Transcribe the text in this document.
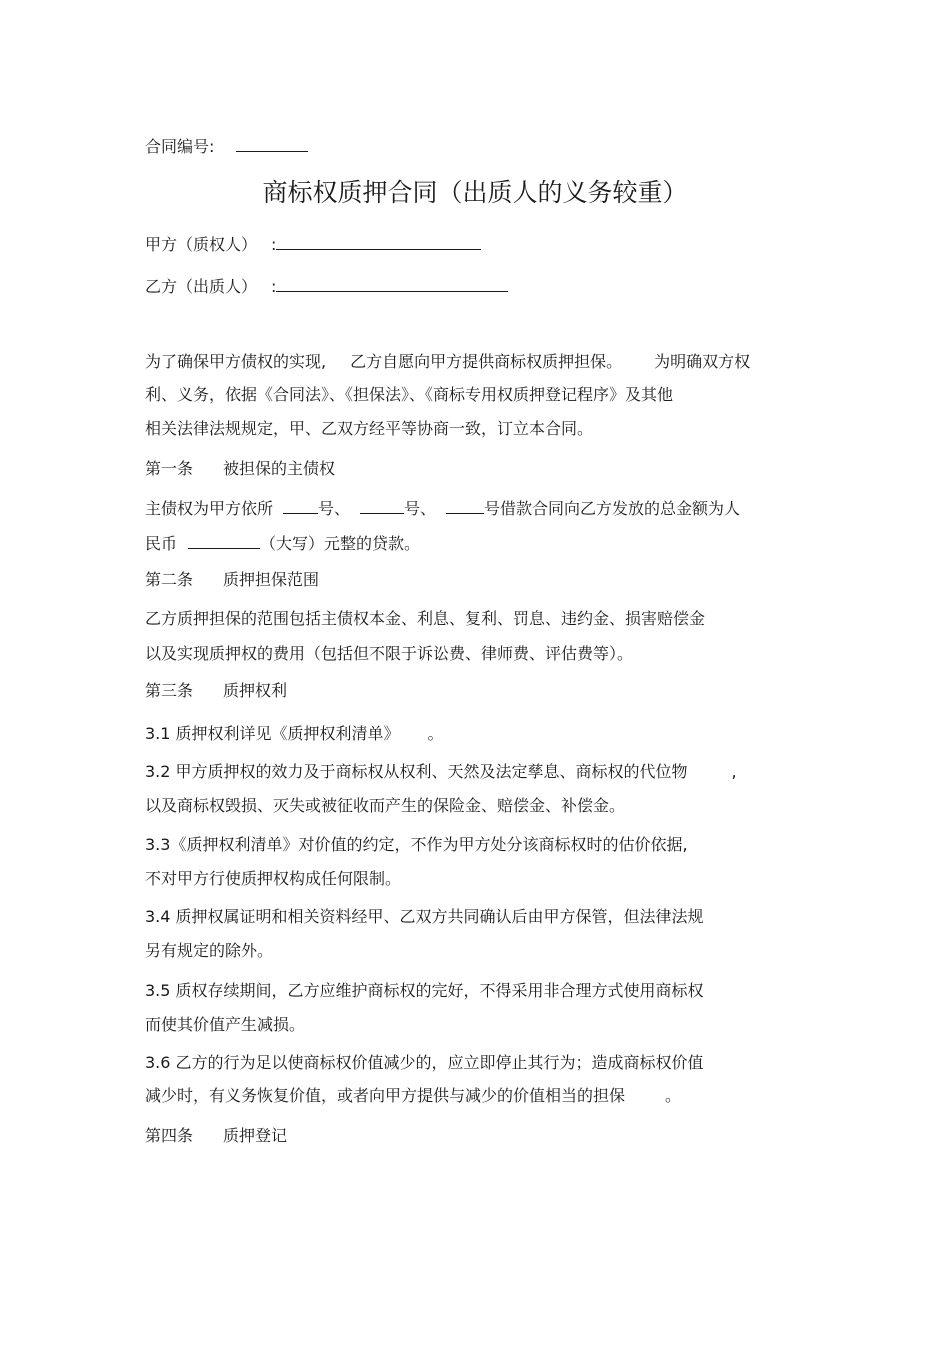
合同编号:
商标权质押合同（出质人的义务较重）
甲方（质权人） :
乙方（出质人） :
为了确保甲方债权的实现, 乙方自愿向甲方提供商标权质押担保。 为明确双方权
利、义务，依据《合同法》、《担保法》、《商标专用权质押登记程序》及其他
相关法律法规规定，甲、乙双方经平等协商一致，订立本合同。
第一条 被担保的主债权
主债权为甲方依所	号、	号、	号借款合同向乙方发放的总金额为人
民币	（大写）元整的贷款。
第二条 质押担保范围
乙方质押担保的范围包括主债权本金、利息、复利、罚息、违约金、损害赔偿金
以及实现质押权的费用（包括但不限于诉讼费、律师费、评估费等）。
第三条 质押权利
3.1 质押权利详见《质押权利清单》 。
3.2 甲方质押权的效力及于商标权从权利、天然及法定孳息、商标权的代位物	,
以及商标权毁损、灭失或被征收而产生的保险金、赔偿金、补偿金。
3.3《质押权利清单》对价值的约定，不作为甲方处分该商标权时的估价依据,
不对甲方行使质押权构成任何限制。
3.4 质押权属证明和相关资料经甲、乙双方共同确认后由甲方保管，但法律法规
另有规定的除外。
3.5 质权存续期间，乙方应维护商标权的完好，不得采用非合理方式使用商标权
而使其价值产生减损。
3.6 乙方的行为足以使商标权价值减少的，应立即停止其行为；造成商标权价值
减少时，有义务恢复价值，或者向甲方提供与减少的价值相当的担保	。
第四条 质押登记
